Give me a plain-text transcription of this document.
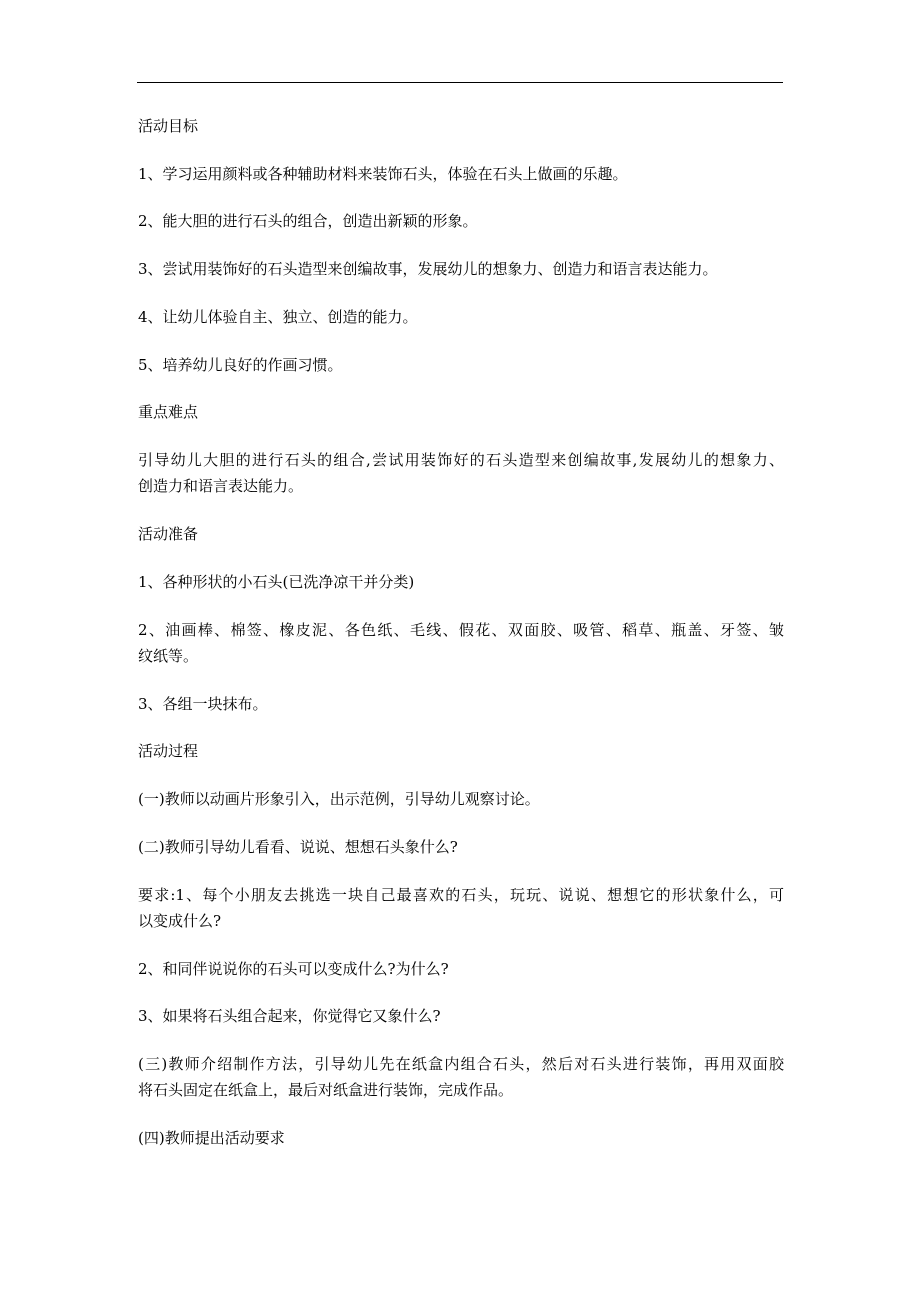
活动目标
1、学习运用颜料或各种辅助材料来装饰石头，体验在石头上做画的乐趣。
2、能大胆的进行石头的组合，创造出新颖的形象。
3、尝试用装饰好的石头造型来创编故事，发展幼儿的想象力、创造力和语言表达能力。
4、让幼儿体验自主、独立、创造的能力。
5、培养幼儿良好的作画习惯。
重点难点
引导幼儿大胆的进行石头的组合,尝试用装饰好的石头造型来创编故事,发展幼儿的想象力、
创造力和语言表达能力。
活动准备
1、各种形状的小石头(已洗净凉干并分类)
2、油画棒、棉签、橡皮泥、各色纸、毛线、假花、双面胶、吸管、稻草、瓶盖、牙签、皱
纹纸等。
3、各组一块抹布。
活动过程
(一)教师以动画片形象引入，出示范例，引导幼儿观察讨论。
(二)教师引导幼儿看看、说说、想想石头象什么?
要求:1、每个小朋友去挑选一块自己最喜欢的石头，玩玩、说说、想想它的形状象什么，可
以变成什么?
2、和同伴说说你的石头可以变成什么?为什么?
3、如果将石头组合起来，你觉得它又象什么?
(三)教师介绍制作方法，引导幼儿先在纸盒内组合石头，然后对石头进行装饰，再用双面胶
将石头固定在纸盒上，最后对纸盒进行装饰，完成作品。
(四)教师提出活动要求
